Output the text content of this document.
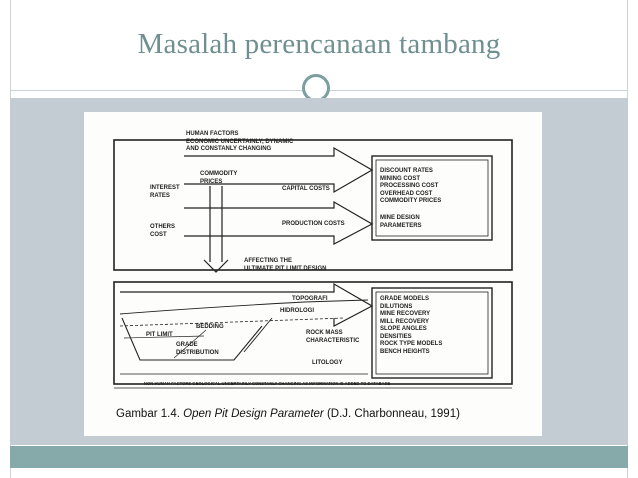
Masalah perencanaan tambang
HUMAN FACTORS
ECONOMIC UNCERTAINLY, DYNAMIC
AND CONSTANLY CHANGING
COMMODITY
PRICES
INTEREST
RATES
OTHERS
COST
CAPITAL COSTS
PRODUCTION COSTS
AFFECTING THE
ULTIMATE PIT LIMIT DESIGN
DISCOUNT RATES
MINING COST
PROCESSING COST
OVERHEAD COST
COMMODITY PRICES
MINE DESIGN
PARAMETERS
TOPOGRAFI
HIDROLOGI
BEDDING
PIT LIMIT
GRADE
DISTRIBUTION
ROCK MASS
CHARACTERISTIC
LITOLOGY
GRADE MODELS
DILUTIONS
MINE RECOVERY
MILL RECOVERY
SLOPE ANGLES
DENSITIES
ROCK TYPE MODELS
BENCH HEIGHTS
NON HUMAN FACTORS GEOLOGICAL UNCERTAINLY CONSTANLY CHANGING AS INFORMATION IS ADDED TO DATABASE
Gambar 1.4. Open Pit Design Parameter (D.J. Charbonneau, 1991)
